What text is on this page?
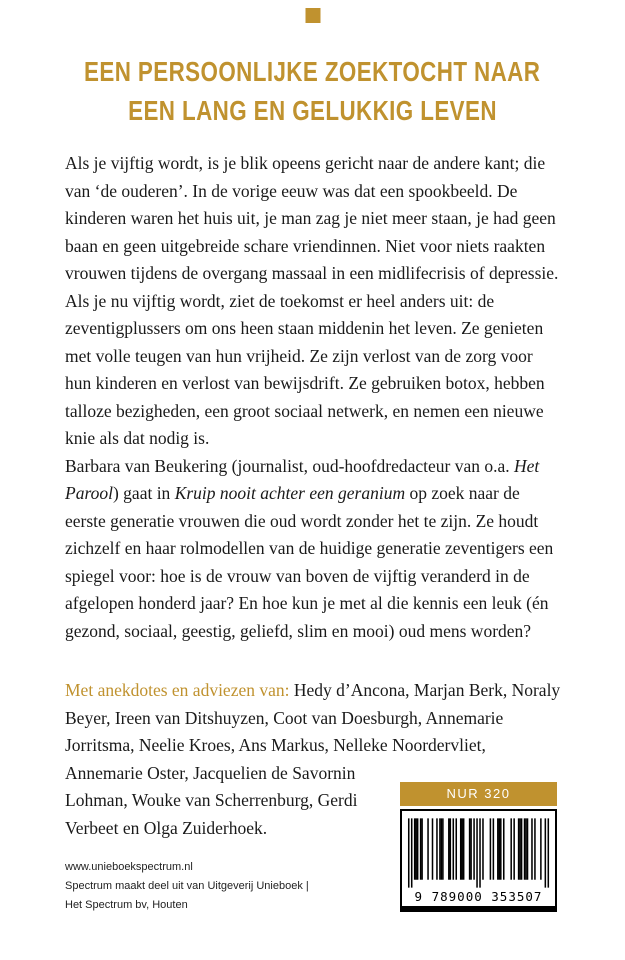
EEN PERSOONLIJKE ZOEKTOCHT NAAR
EEN LANG EN GELUKKIG LEVEN

Als je vijftig wordt, is je blik opeens gericht naar de andere kant; die van ‘de ouderen’. In de vorige eeuw was dat een spookbeeld. De kinderen waren het huis uit, je man zag je niet meer staan, je had geen baan en geen uitgebreide schare vriendinnen. Niet voor niets raakten vrouwen tijdens de overgang massaal in een midlifecrisis of depressie. Als je nu vijftig wordt, ziet de toekomst er heel anders uit: de zeventigplussers om ons heen staan middenin het leven. Ze genieten met volle teugen van hun vrijheid. Ze zijn verlost van de zorg voor hun kinderen en verlost van bewijsdrift. Ze gebruiken botox, hebben talloze bezigheden, een groot sociaal netwerk, en nemen een nieuwe knie als dat nodig is.

Barbara van Beukering (journalist, oud-hoofdredacteur van o.a. Het Parool) gaat in Kruip nooit achter een geranium op zoek naar de eerste generatie vrouwen die oud wordt zonder het te zijn. Ze houdt zichzelf en haar rolmodellen van de huidige generatie zeventigers een spiegel voor: hoe is de vrouw van boven de vijftig veranderd in de afgelopen honderd jaar? En hoe kun je met al die kennis een leuk (én gezond, sociaal, geestig, geliefd, slim en mooi) oud mens worden?

Met anekdotes en adviezen van: Hedy d’Ancona, Marjan Berk, Noraly Beyer, Ireen van Ditshuyzen, Coot van Doesburgh, Annemarie Jorritsma, Neelie Kroes, Ans Markus, Nelleke Noordervliet, Annemarie Oster, Jacquelien de Savornin Lohman, Wouke van Scherrenburg, Gerdi Verbeet en Olga Zuiderhoek.

www.unieboekspectrum.nl
Spectrum maakt deel uit van Uitgeverij Unieboek |
Het Spectrum bv, Houten
NUR 320
9 789000 353507
